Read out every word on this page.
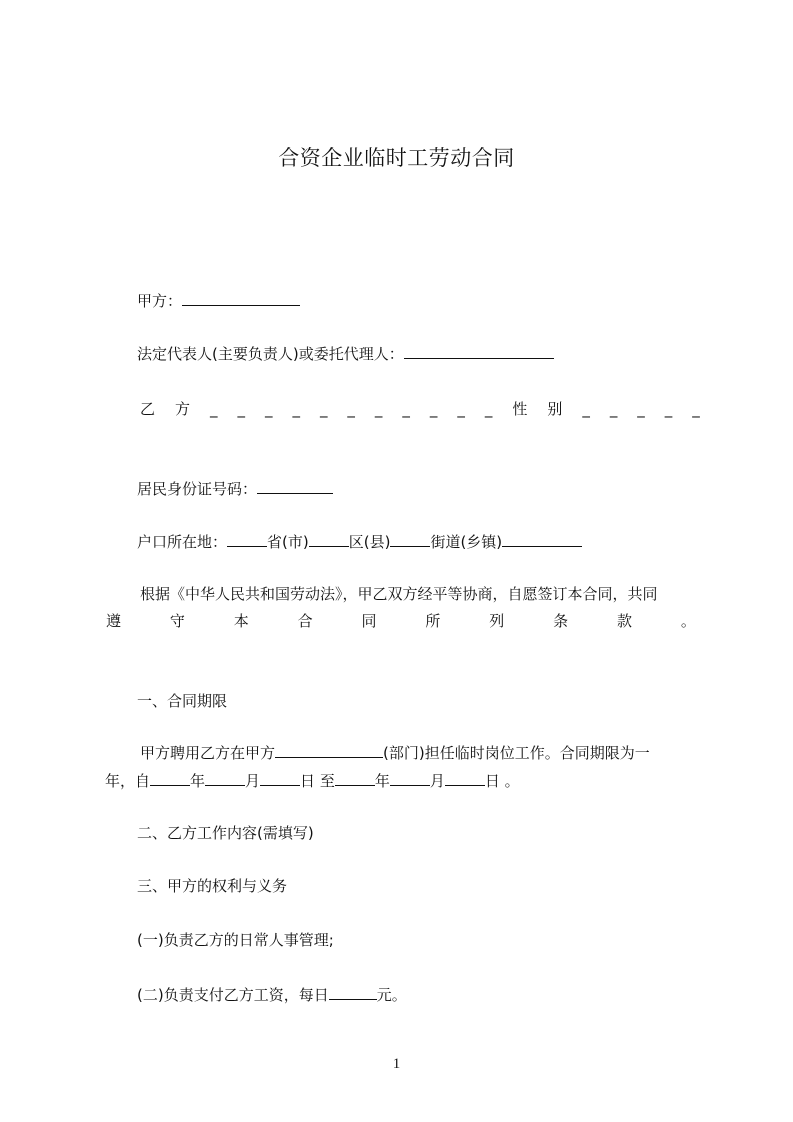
合资企业临时工劳动合同
甲方：
法定代表人(主要负责人)或委托代理人：
乙 方 _ _ _ _ _ _ _ _ _ _ _ 性 别 _ _ _ _ _
居民身份证号码：
户口所在地：	省(市)	区(县)	街道(乡镇)
根据《中华人民共和国劳动法》，甲乙双方经平等协商，自愿签订本合同，共同
遵	守	本	合	同	所	列	条	款	。
一、合同期限
甲方聘用乙方在甲方	(部门)担任临时岗位工作。合同期限为一
年，自	年	月	日 至	年	月	日 。
二、乙方工作内容(需填写)
三、甲方的权利与义务
(一)负责乙方的日常人事管理;
(二)负责支付乙方工资，每日	元。
1
